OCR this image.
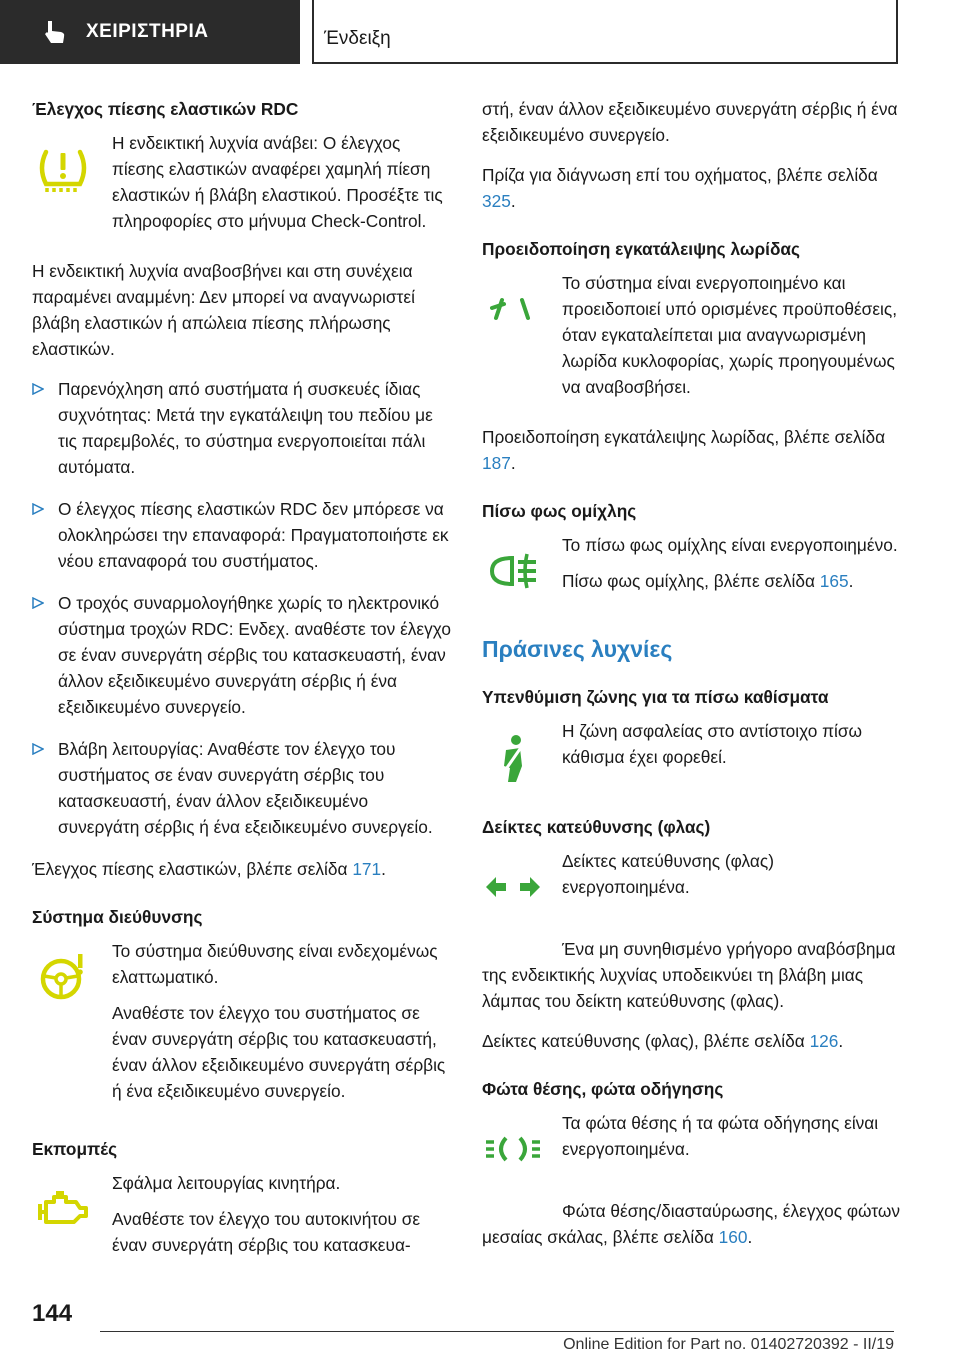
ΧΕΙΡΙΣΤΗΡΙΑ	Ένδειξη
Έλεγχος πίεσης ελαστικών RDC
Η ενδεικτική λυχνία ανάβει: Ο έλεγχος πίεσης ελαστικών αναφέρει χαμηλή πίεση ελαστικών ή βλάβη ελαστικού. Προσέξτε τις πληροφορίες στο μήνυμα Check-Control.

Η ενδεικτική λυχνία αναβοσβήνει και στη συνέχεια παραμένει αναμμένη: Δεν μπορεί να αναγνωριστεί βλάβη ελαστικών ή απώλεια πίεσης πλήρωσης ελαστικών.

Παρενόχληση από συστήματα ή συσκευές ίδιας συχνότητας: Μετά την εγκατάλειψη του πεδίου με τις παρεμβολές, το σύστημα ενεργοποιείται πάλι αυτόματα.
Ο έλεγχος πίεσης ελαστικών RDC δεν μπόρεσε να ολοκληρώσει την επαναφορά: Πραγματοποιήστε εκ νέου επαναφορά του συστήματος.
Ο τροχός συναρμολογήθηκε χωρίς το ηλεκτρονικό σύστημα τροχών RDC: Ενδεχ. αναθέστε τον έλεγχο σε έναν συνεργάτη σέρβις του κατασκευαστή, έναν άλλον εξειδικευμένο συνεργάτη σέρβις ή ένα εξειδικευμένο συνεργείο.
Βλάβη λειτουργίας: Αναθέστε τον έλεγχο του συστήματος σε έναν συνεργάτη σέρβις του κατασκευαστή, έναν άλλον εξειδικευμένο συνεργάτη σέρβις ή ένα εξειδικευμένο συνεργείο.

Έλεγχος πίεσης ελαστικών, βλέπε σελίδα 171.

Σύστημα διεύθυνσης
Το σύστημα διεύθυνσης είναι ενδεχομένως ελαττωματικό.
Αναθέστε τον έλεγχο του συστήματος σε έναν συνεργάτη σέρβις του κατασκευαστή, έναν άλλον εξειδικευμένο συνεργάτη σέρβις ή ένα εξειδικευμένο συνεργείο.
Εκπομπές
Σφάλμα λειτουργίας κινητήρα.
Αναθέστε τον έλεγχο του αυτοκινήτου σε έναν συνεργάτη σέρβις του κατασκευα-

στή, έναν άλλον εξειδικευμένο συνεργάτη σέρβις ή ένα εξειδικευμένο συνεργείο.

Πρίζα για διάγνωση επί του οχήματος, βλέπε σελίδα 325.

Προειδοποίηση εγκατάλειψης λωρίδας
Το σύστημα είναι ενεργοποιημένο και προειδοποιεί υπό ορισμένες προϋποθέσεις, όταν εγκαταλείπεται μια αναγνωρισμένη λωρίδα κυκλοφορίας, χωρίς προηγουμένως να αναβοσβήσει.

Προειδοποίηση εγκατάλειψης λωρίδας, βλέπε σελίδα 187.

Πίσω φως ομίχλης
Το πίσω φως ομίχλης είναι ενεργοποιημένο.
Πίσω φως ομίχλης, βλέπε σελίδα 165.
Πράσινες λυχνίες
Υπενθύμιση ζώνης για τα πίσω καθίσματα
Η ζώνη ασφαλείας στο αντίστοιχο πίσω κάθισμα έχει φορεθεί.
Δείκτες κατεύθυνσης (φλας)
Δείκτες κατεύθυνσης (φλας) ενεργοποιημένα.

Ένα μη συνηθισμένο γρήγορο αναβόσβημα της ενδεικτικής λυχνίας υποδεικνύει τη βλάβη μιας λάμπας του δείκτη κατεύθυνσης (φλας).

Δείκτες κατεύθυνσης (φλας), βλέπε σελίδα 126.

Φώτα θέσης, φώτα οδήγησης
Τα φώτα θέσης ή τα φώτα οδήγησης είναι ενεργοποιημένα.

Φώτα θέσης/διασταύρωσης, έλεγχος φώτων μεσαίας σκάλας, βλέπε σελίδα 160.

144
Online Edition for Part no. 01402720392 - II/19
